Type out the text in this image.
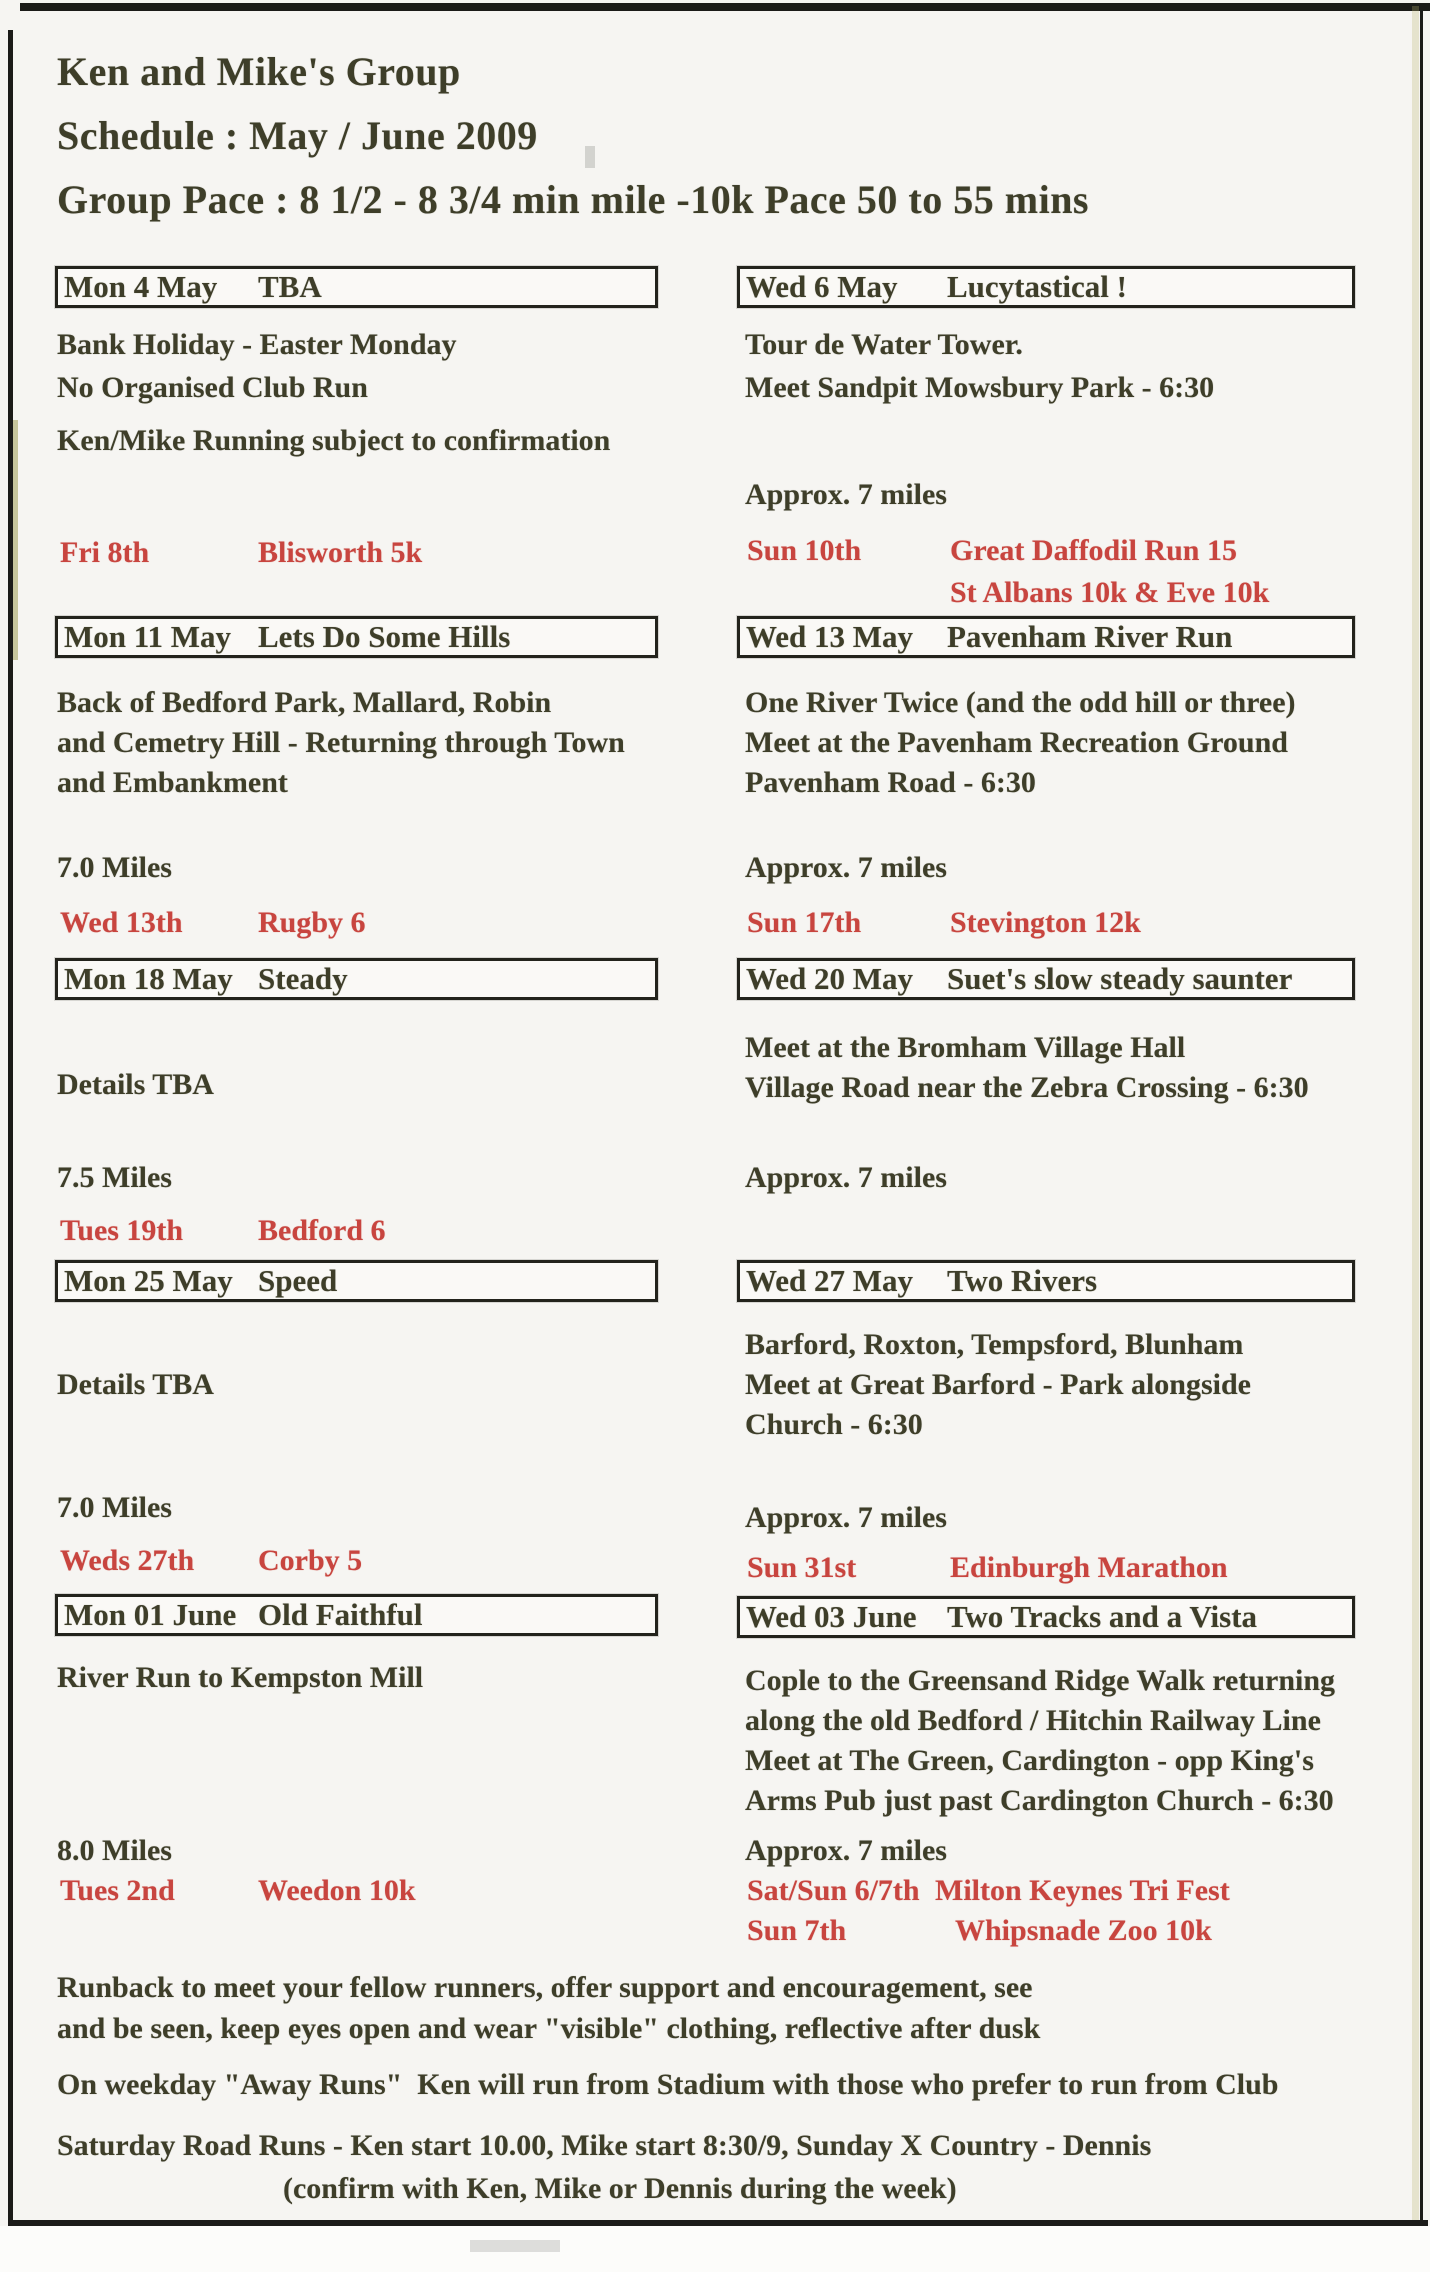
Ken and Mike's Group
Schedule : May / June 2009
Group Pace : 8 1/2 - 8 3/4 min mile -10k Pace 50 to 55 mins
Mon 4 May TBA
Bank Holiday - Easter Monday
No Organised Club Run
Ken/Mike Running subject to confirmation
Fri 8th	Blisworth 5k
Mon 11 May Lets Do Some Hills
Back of Bedford Park, Mallard, Robin
and Cemetry Hill - Returning through Town
and Embankment
7.0 Miles
Wed 13th	Rugby 6
Mon 18 May Steady
Details TBA
7.5 Miles
Tues 19th Bedford 6
Mon 25 May Speed
Details TBA
7.0 Miles
Weds 27th Corby 5
Mon 01 June Old Faithful
River Run to Kempston Mill
8.0 Miles
Tues 2nd	Weedon 10k
Wed 6 May Lucytastical !
Tour de Water Tower.
Meet Sandpit Mowsbury Park - 6:30
Approx. 7 miles
Sun 10th	Great Daffodil Run 15
St Albans 10k & Eve 10k
Wed 13 May Pavenham River Run
One River Twice (and the odd hill or three)
Meet at the Pavenham Recreation Ground
Pavenham Road - 6:30
Approx. 7 miles
Sun 17th	Stevington 12k
Wed 20 May Suet's slow steady saunter
Meet at the Bromham Village Hall
Village Road near the Zebra Crossing - 6:30
Approx. 7 miles
Wed 27 May Two Rivers
Barford, Roxton, Tempsford, Blunham
Meet at Great Barford - Park alongside
Church - 6:30
Approx. 7 miles
Sun 31st	Edinburgh Marathon
Wed 03 June Two Tracks and a Vista
Cople to the Greensand Ridge Walk returning
along the old Bedford / Hitchin Railway Line
Meet at The Green, Cardington - opp King's
Arms Pub just past Cardington Church - 6:30
Approx. 7 miles
Sat/Sun 6/7th Milton Keynes Tri Fest
Sun 7th	Whipsnade Zoo 10k
Runback to meet your fellow runners, offer support and encouragement, see
and be seen, keep eyes open and wear "visible" clothing, reflective after dusk
On weekday "Away Runs"  Ken will run from Stadium with those who prefer to run from Club
Saturday Road Runs - Ken start 10.00, Mike start 8:30/9, Sunday X Country - Dennis
(confirm with Ken, Mike or Dennis during the week)
